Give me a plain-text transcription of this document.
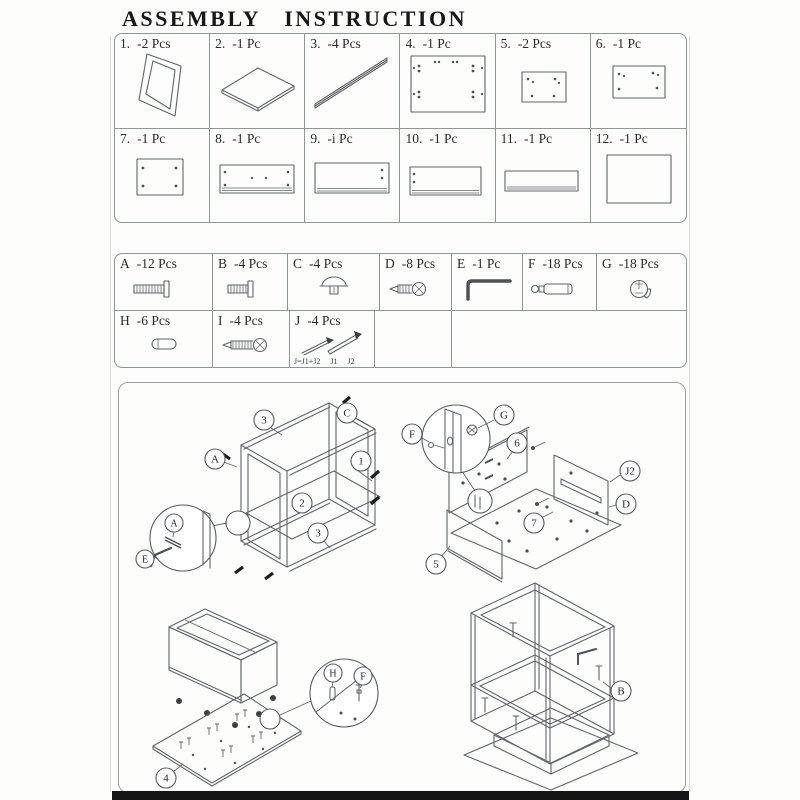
ASSEMBLY INSTRUCTION
1. -2 Pcs	2. -1 Pc	3. -4 Pcs	4. -1 Pc	5. -2 Pcs	6. -1 Pc
7. -1 Pc	8. -1 Pc	9. -i Pc	10. -1 Pc	11. -1 Pc	12. -1 Pc
A -12 Pcs	B -4 Pcs	C -4 Pcs	D -8 Pcs	E -1 Pc	F -18 Pcs	G -18 Pcs
H -6 Pcs	I -4 Pcs	J -4 Pcs
J=J1+J2 J1 J2
3
C
A	1
2
3
A
E
F
G
6
J2
D
7
5
H F
4
B
